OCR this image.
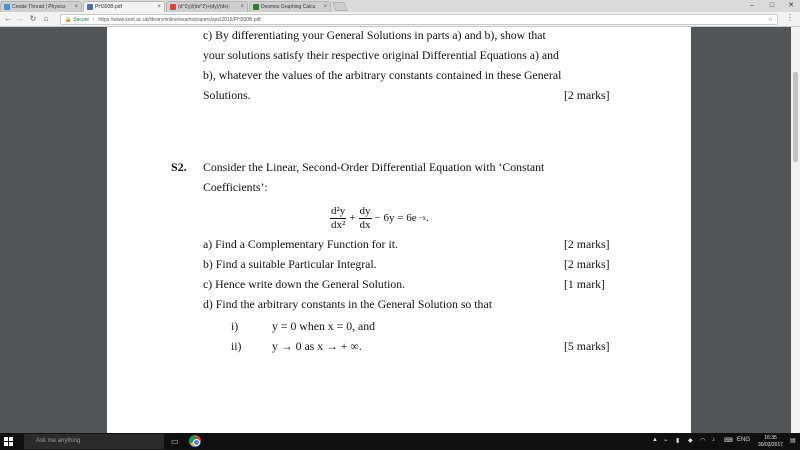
Create Thread | Physics	×	PH300B.pdf	×	(d^2y)/(dx^2)+(dy)/(dx)-	×	Desmos Graphing Calcu	×	–	□	✕
← → ↻ ⌂	🔒 Secure | https://www.kent.ac.uk/library/online/exams/papers/sps/2015/PH300B.pdf	☆ ⋮
c) By differentiating your General Solutions in parts a) and b), show that
your solutions satisfy their respective original Differential Equations a) and
b), whatever the values of the arbitrary constants contained in these General
Solutions.	[2 marks]
S2. Consider the Linear, Second-Order Differential Equation with ‘Constant
Coefficients’:
$\frac{\text{d²y}}{\text{dx²}} + \frac{dy}{dx} - 6y = 6e -x$ .
a) Find a Complementary Function for it.	[2 marks]
b) Find a suitable Particular Integral.	[2 marks]
c) Hence write down the General Solution.	[1 mark]
d) Find the arbitrary constants in the General Solution so that
i)	y = 0 when x = 0, and
ii)	y → 0 as x → + ∞.	[5 marks]
Ask me anything	▭	▲ ⌁ ▮ ◆ ◠ ♪ ⌨ ENG	16:35
30/03/2017
▤
